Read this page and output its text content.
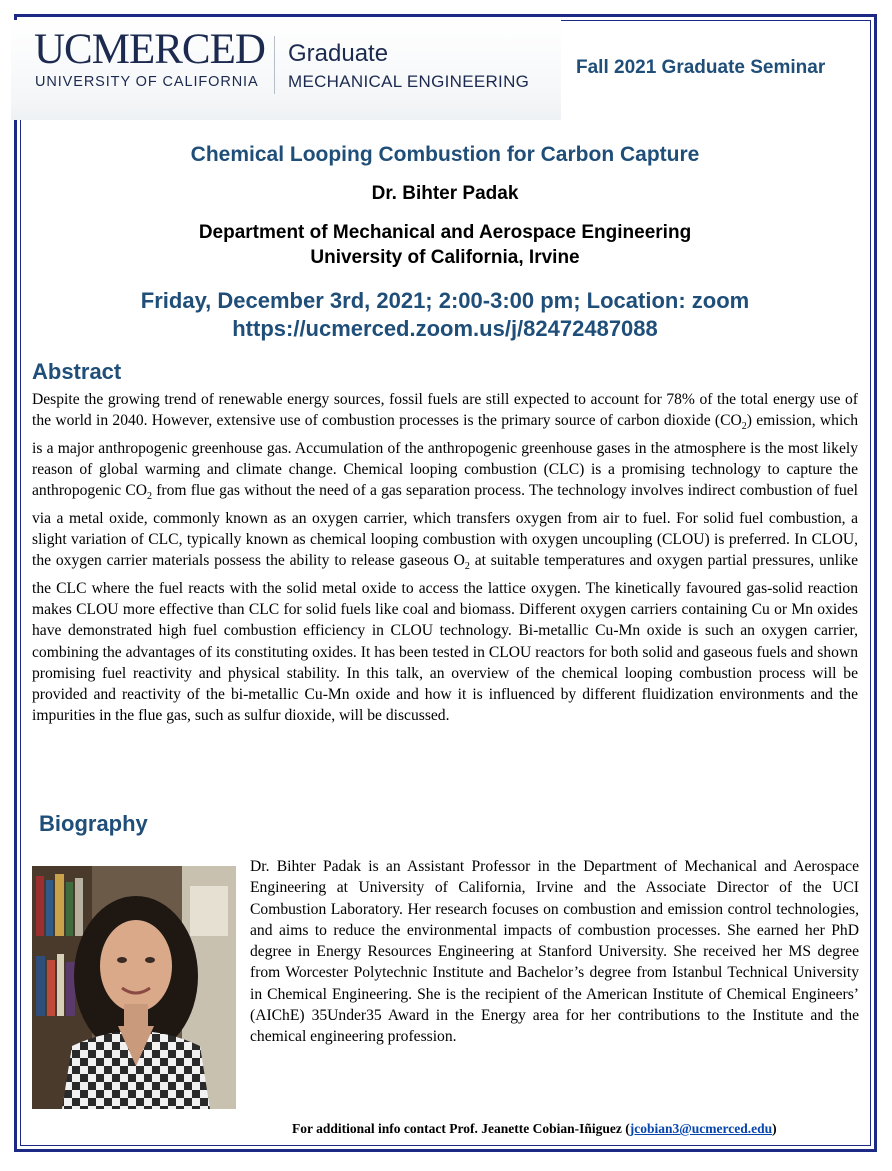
UCMERCED
UNIVERSITY OF CALIFORNIA
Graduate
MECHANICAL ENGINEERING
Fall 2021 Graduate Seminar
Chemical Looping Combustion for Carbon Capture
Dr. Bihter Padak
Department of Mechanical and Aerospace Engineering
University of California, Irvine
Friday, December 3rd, 2021; 2:00-3:00 pm; Location: zoom
https://ucmerced.zoom.us/j/82472487088
Abstract
Despite the growing trend of renewable energy sources, fossil fuels are still expected to account for 78% of the total energy use of the world in 2040. However, extensive use of combustion processes is the primary source of carbon dioxide $(CO_2)$ emission, which is a major anthropogenic greenhouse gas. Accumulation of the anthropogenic greenhouse gases in the atmosphere is the most likely reason of global warming and climate change. Chemical looping combustion (CLC) is a promising technology to capture the anthropogenic $CO_2$ from flue gas without the need of a gas separation process. The technology involves indirect combustion of fuel via a metal oxide, commonly known as an oxygen carrier, which transfers oxygen from air to fuel. For solid fuel combustion, a slight variation of CLC, typically known as chemical looping combustion with oxygen uncoupling (CLOU) is preferred. In CLOU, the oxygen carrier materials possess the ability to release gaseous $O_2$ at suitable temperatures and oxygen partial pressures, unlike the CLC where the fuel reacts with the solid metal oxide to access the lattice oxygen. The kinetically favoured gas-solid reaction makes CLOU more effective than CLC for solid fuels like coal and biomass. Different oxygen carriers containing Cu or Mn oxides have demonstrated high fuel combustion efficiency in CLOU technology. Bi-metallic Cu-Mn oxide is such an oxygen carrier, combining the advantages of its constituting oxides. It has been tested in CLOU reactors for both solid and gaseous fuels and shown promising fuel reactivity and physical stability. In this talk, an overview of the chemical looping combustion process will be provided and reactivity of the bi-metallic Cu-Mn oxide and how it is influenced by different fluidization environments and the impurities in the flue gas, such as sulfur dioxide, will be discussed.
Biography
Dr. Bihter Padak is an Assistant Professor in the Department of Mechanical and Aerospace Engineering at University of California, Irvine and the Associate Director of the UCI Combustion Laboratory. Her research focuses on combustion and emission control technologies, and aims to reduce the environmental impacts of combustion processes. She earned her PhD degree in Energy Resources Engineering at Stanford University. She received her MS degree from Worcester Polytechnic Institute and Bachelor’s degree from Istanbul Technical University in Chemical Engineering. She is the recipient of the American Institute of Chemical Engineers’ (AIChE) 35Under35 Award in the Energy area for her contributions to the Institute and the chemical engineering profession.
For additional info contact Prof. Jeanette Cobian-Iñiguez (jcobian3@ucmerced.edu)
